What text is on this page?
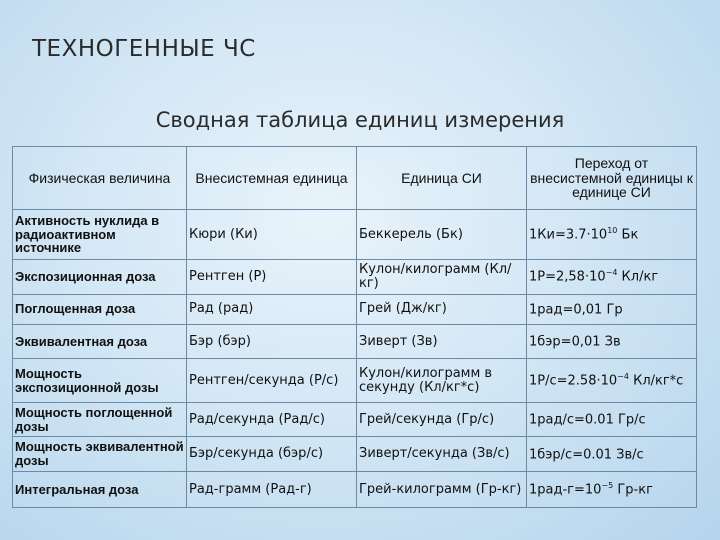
ТЕХНОГЕННЫЕ ЧС
Сводная таблица единиц измерения
Физическая величина	Внесистемная единица	Единица СИ	Переход от внесистемной единицы к единице СИ
Активность нуклида в радиоактивном источнике	Кюри (Ки)	Беккерель (Бк)	$1Ки=3.7\cdot 10^{10}$ Бк
Экспозиционная доза	Рентген (Р)	Кулон/килограмм (Кл/кг)	$1Р=2,58\cdot 10^{-4}$ Кл/кг
Поглощенная доза	Рад (рад)	Грей (Дж/кг)	1рад=0,01 Гр
Эквивалентная доза	Бэр (бэр)	Зиверт (Зв)	1бэр=0,01 Зв
Мощность экспозиционной дозы	Рентген/секунда (Р/с)	Кулон/килограмм в секунду (Кл/кг*с)	$1Р/с=2.58\cdot 10^{-4}$ Кл/кг*с
Мощность поглощенной дозы	Рад/секунда (Рад/с)	Грей/секунда (Гр/с)	1рад/с=0.01 Гр/с
Мощность эквивалентной дозы	Бэр/секунда (бэр/с)	Зиверт/секунда (Зв/с)	1бэр/с=0.01 Зв/с
Интегральная доза	Рад-грамм (Рад-г)	Грей-килограмм (Гр-кг)	$1рад-г=10^{-5}$ Гр-кг
